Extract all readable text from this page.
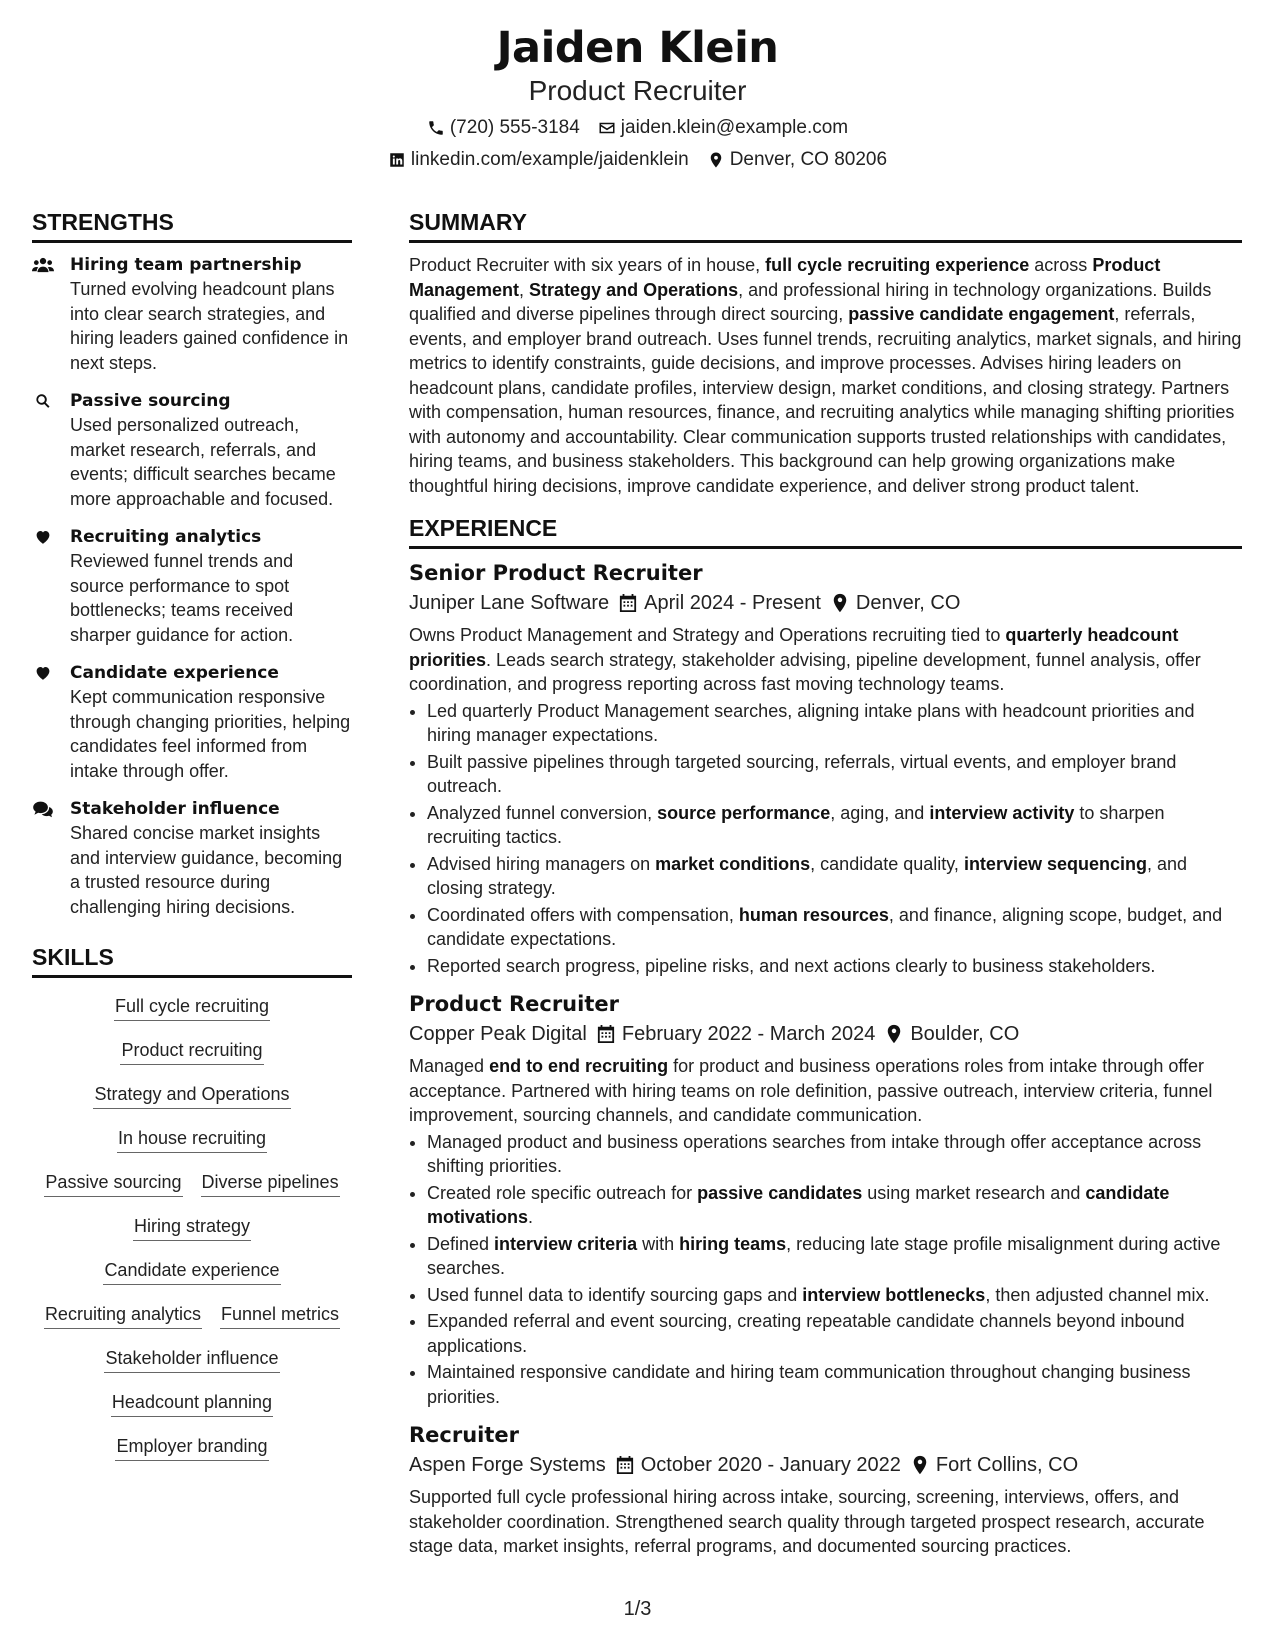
Jaiden Klein
Product Recruiter
(720) 555-3184 jaiden.klein@example.com
linkedin.com/example/jaidenklein Denver, CO 80206
STRENGTHS
Hiring team partnership
Turned evolving headcount plans into clear search strategies, and hiring leaders gained confidence in next steps.
Passive sourcing
Used personalized outreach, market research, referrals, and events; difficult searches became more approachable and focused.
Recruiting analytics
Reviewed funnel trends and source performance to spot bottlenecks; teams received sharper guidance for action.
Candidate experience
Kept communication responsive through changing priorities, helping candidates feel informed from intake through offer.
Stakeholder influence
Shared concise market insights and interview guidance, becoming a trusted resource during challenging hiring decisions.
SKILLS
Full cycle recruiting
Product recruiting
Strategy and Operations
In house recruiting
Passive sourcing Diverse pipelines
Hiring strategy
Candidate experience
Recruiting analytics Funnel metrics
Stakeholder influence
Headcount planning
Employer branding
SUMMARY
Product Recruiter with six years of in house, full cycle recruiting experience across Product Management, Strategy and Operations, and professional hiring in technology organizations. Builds qualified and diverse pipelines through direct sourcing, passive candidate engagement, referrals, events, and employer brand outreach. Uses funnel trends, recruiting analytics, market signals, and hiring metrics to identify constraints, guide decisions, and improve processes. Advises hiring leaders on headcount plans, candidate profiles, interview design, market conditions, and closing strategy. Partners with compensation, human resources, finance, and recruiting analytics while managing shifting priorities with autonomy and accountability. Clear communication supports trusted relationships with candidates, hiring teams, and business stakeholders. This background can help growing organizations make thoughtful hiring decisions, improve candidate experience, and deliver strong product talent.
EXPERIENCE
Senior Product Recruiter
Juniper Lane Software April 2024 - Present Denver, CO
Owns Product Management and Strategy and Operations recruiting tied to quarterly headcount priorities. Leads search strategy, stakeholder advising, pipeline development, funnel analysis, offer coordination, and progress reporting across fast moving technology teams.
• Led quarterly Product Management searches, aligning intake plans with headcount priorities and hiring manager expectations.
• Built passive pipelines through targeted sourcing, referrals, virtual events, and employer brand outreach.
• Analyzed funnel conversion, source performance, aging, and interview activity to sharpen recruiting tactics.
• Advised hiring managers on market conditions, candidate quality, interview sequencing, and closing strategy.
• Coordinated offers with compensation, human resources, and finance, aligning scope, budget, and candidate expectations.
• Reported search progress, pipeline risks, and next actions clearly to business stakeholders.
Product Recruiter
Copper Peak Digital February 2022 - March 2024 Boulder, CO
Managed end to end recruiting for product and business operations roles from intake through offer acceptance. Partnered with hiring teams on role definition, passive outreach, interview criteria, funnel improvement, sourcing channels, and candidate communication.
• Managed product and business operations searches from intake through offer acceptance across shifting priorities.
• Created role specific outreach for passive candidates using market research and candidate motivations.
• Defined interview criteria with hiring teams, reducing late stage profile misalignment during active searches.
• Used funnel data to identify sourcing gaps and interview bottlenecks, then adjusted channel mix.
• Expanded referral and event sourcing, creating repeatable candidate channels beyond inbound applications.
• Maintained responsive candidate and hiring team communication throughout changing business priorities.
Recruiter
Aspen Forge Systems October 2020 - January 2022 Fort Collins, CO
Supported full cycle professional hiring across intake, sourcing, screening, interviews, offers, and stakeholder coordination. Strengthened search quality through targeted prospect research, accurate stage data, market insights, referral programs, and documented sourcing practices.
1/3
